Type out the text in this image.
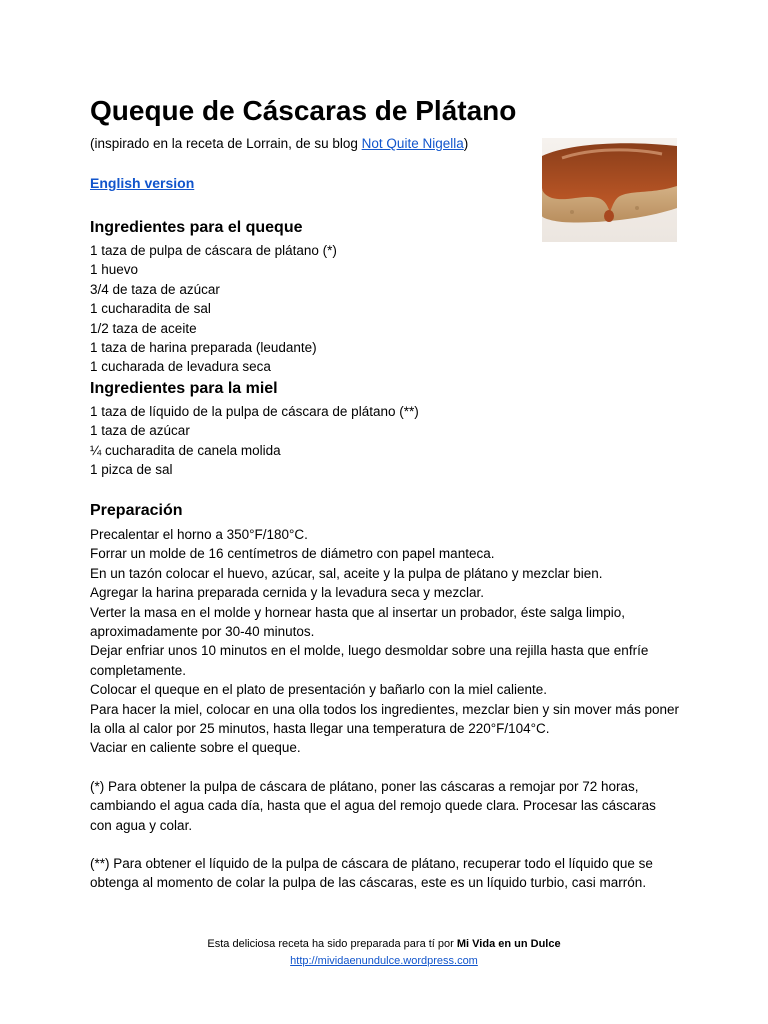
Queque de Cáscaras de Plátano

(inspirado en la receta de Lorrain, de su blog Not Quite Nigella)

English version
Ingredientes para el queque
1 taza de pulpa de cáscara de plátano (*)
1 huevo
3/4 de taza de azúcar
1 cucharadita de sal
1/2 taza de aceite
1 taza de harina preparada (leudante)
1 cucharada de levadura seca
Ingredientes para la miel
1 taza de líquido de la pulpa de cáscara de plátano (**)
1 taza de azúcar
¼ cucharadita de canela molida
1 pizca de sal
Preparación

Precalentar el horno a 350°F/180°C.

Forrar un molde de 16 centímetros de diámetro con papel manteca.

En un tazón colocar el huevo, azúcar, sal, aceite y la pulpa de plátano y mezclar bien.

Agregar la harina preparada cernida y la levadura seca y mezclar.

Verter la masa en el molde y hornear hasta que al insertar un probador, éste salga limpio, aproximadamente por 30-40 minutos.

Dejar enfriar unos 10 minutos en el molde, luego desmoldar sobre una rejilla hasta que enfríe completamente.

Colocar el queque en el plato de presentación y bañarlo con la miel caliente.

Para hacer la miel, colocar en una olla todos los ingredientes, mezclar bien y sin mover más poner la olla al calor por 25 minutos, hasta llegar una temperatura de 220°F/104°C.

Vaciar en caliente sobre el queque.

(*) Para obtener la pulpa de cáscara de plátano, poner las cáscaras a remojar por 72 horas, cambiando el agua cada día, hasta que el agua del remojo quede clara. Procesar las cáscaras con agua y colar.

(**) Para obtener el líquido de la pulpa de cáscara de plátano, recuperar todo el líquido que se obtenga al momento de colar la pulpa de las cáscaras, este es un líquido turbio, casi marrón.

Esta deliciosa receta ha sido preparada para tí por Mi Vida en un Dulce
http://mividaenundulce.wordpress.com
